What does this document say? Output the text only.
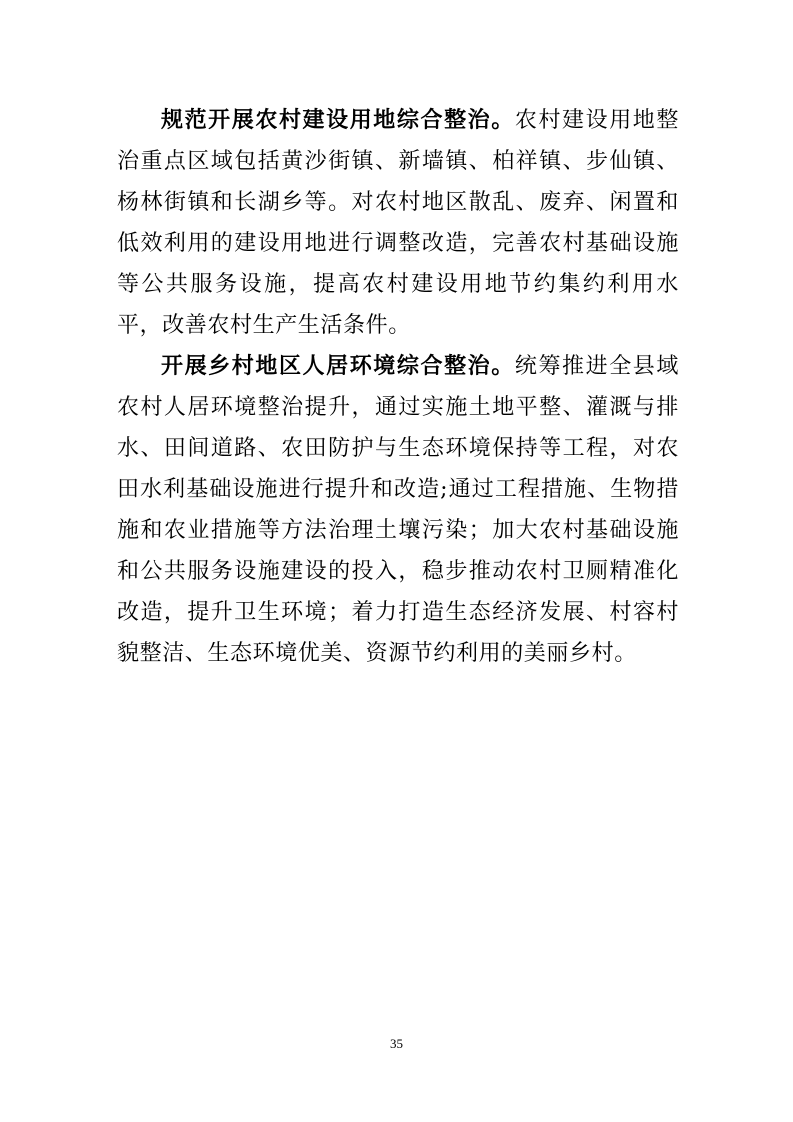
规范开展农村建设用地综合整治。农村建设用地整治重点区域包括黄沙街镇、新墙镇、柏祥镇、步仙镇、杨林街镇和长湖乡等。对农村地区散乱、废弃、闲置和低效利用的建设用地进行调整改造，完善农村基础设施等公共服务设施，提高农村建设用地节约集约利用水平，改善农村生产生活条件。

开展乡村地区人居环境综合整治。统筹推进全县域农村人居环境整治提升，通过实施土地平整、灌溉与排水、田间道路、农田防护与生态环境保持等工程，对农田水利基础设施进行提升和改造;通过工程措施、生物措施和农业措施等方法治理土壤污染；加大农村基础设施和公共服务设施建设的投入，稳步推动农村卫厕精准化改造，提升卫生环境；着力打造生态经济发展、村容村貌整洁、生态环境优美、资源节约利用的美丽乡村。

35
